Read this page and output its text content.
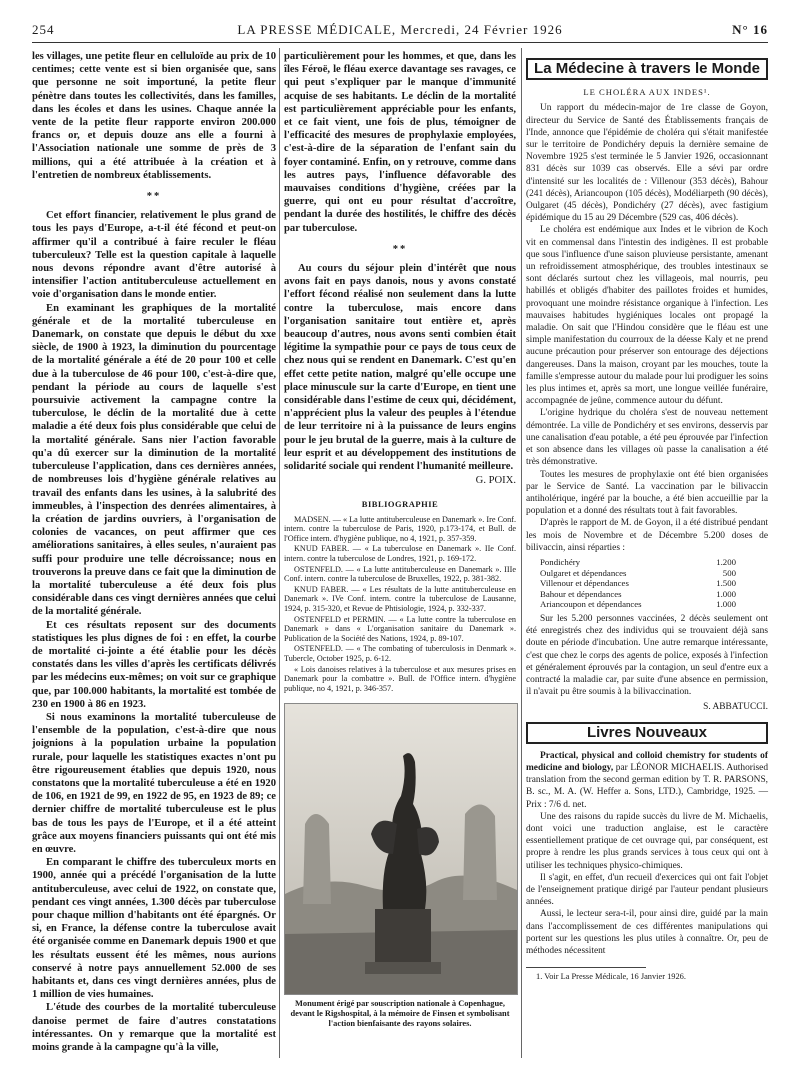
254	LA PRESSE MÉDICALE, Mercredi, 24 Février 1926	N° 16

les villages, une petite fleur en celluloïde au prix de 10 centimes; cette vente est si bien organisée que, sans que personne ne soit importuné, la petite fleur pénètre dans toutes les collectivités, dans les familles, dans les écoles et dans les usines. Chaque année la vente de la petite fleur rapporte environ 200.000 francs or, et depuis douze ans elle a fourni à l'Association nationale une somme de près de 3 millions, qui a été attribuée à la création et à l'entretien de nombreux établissements.

**

Cet effort financier, relativement le plus grand de tous les pays d'Europe, a-t-il été fécond et peut-on affirmer qu'il a contribué à faire reculer le fléau tuberculeux? Telle est la question capitale à laquelle nous devons répondre avant d'être autorisé à intensifier l'action antituberculeuse actuellement en voie d'organisation dans le monde entier.

En examinant les graphiques de la mortalité générale et de la mortalité tuberculeuse en Danemark, on constate que depuis le début du xxe siècle, de 1900 à 1923, la diminution du pourcentage de la mortalité générale a été de 20 pour 100 et celle due à la tuberculose de 46 pour 100, c'est-à-dire que, pendant la période au cours de laquelle s'est poursuivie activement la campagne contre la tuberculose, le déclin de la mortalité due à cette maladie a été deux fois plus considérable que celui de la mortalité générale. Sans nier l'action favorable qu'a dû exercer sur la diminution de la mortalité tuberculeuse l'application, dans ces dernières années, de nombreuses lois d'hygiène générale relatives au travail des enfants dans les usines, à la salubrité des immeubles, à l'inspection des denrées alimentaires, à la création de jardins ouvriers, à l'organisation de colonies de vacances, on peut affirmer que ces améliorations sanitaires, à elles seules, n'auraient pas suffi pour produire une telle décroissance; nous en trouverons la preuve dans ce fait que la diminution de la mortalité tuberculeuse a été deux fois plus considérable dans ces vingt dernières années que celui de la mortalité générale.

Et ces résultats reposent sur des documents statistiques les plus dignes de foi : en effet, la courbe de mortalité ci-jointe a été établie pour les décès constatés dans les villes d'après les certificats délivrés par les médecins eux-mêmes; on voit sur ce graphique que, par 100.000 habitants, la mortalité est tombée de 230 en 1900 à 86 en 1923.

Si nous examinons la mortalité tuberculeuse de l'ensemble de la population, c'est-à-dire que nous joignions à la population urbaine la population rurale, pour laquelle les statistiques exactes n'ont pu être rigoureusement établies que depuis 1920, nous constatons que la mortalité tuberculeuse a été en 1920 de 106, en 1921 de 99, en 1922 de 95, en 1923 de 89; ce dernier chiffre de mortalité tuberculeuse est le plus bas de tous les pays de l'Europe, et il a été atteint grâce aux moyens financiers puissants qui ont été mis en œuvre.

En comparant le chiffre des tuberculeux morts en 1900, année qui a précédé l'organisation de la lutte antituberculeuse, avec celui de 1922, on constate que, pendant ces vingt années, 1.300 décès par tuberculose pour chaque million d'habitants ont été épargnés. Or si, en France, la défense contre la tuberculose avait été organisée comme en Danemark depuis 1900 et que les résultats eussent été les mêmes, nous aurions conservé à notre pays annuellement 52.000 de ses habitants et, dans ces vingt dernières années, plus de 1 million de vies humaines.

L'étude des courbes de la mortalité tuberculeuse danoise permet de faire d'autres constatations intéressantes. On y remarque que la mortalité est moins grande à la campagne qu'à la ville,

particulièrement pour les hommes, et que, dans les îles Féroë, le fléau exerce davantage ses ravages, ce qui peut s'expliquer par le manque d'immunité acquise de ses habitants. Le déclin de la mortalité est particulièrement appréciable pour les enfants, et ce fait vient, une fois de plus, témoigner de l'efficacité des mesures de prophylaxie employées, c'est-à-dire de la séparation de l'enfant sain du foyer contaminé. Enfin, on y retrouve, comme dans les autres pays, l'influence défavorable des mauvaises conditions d'hygiène, créées par la guerre, qui ont eu pour résultat d'accroître, pendant la durée des hostilités, le chiffre des décès par tuberculose.

**

Au cours du séjour plein d'intérêt que nous avons fait en pays danois, nous y avons constaté l'effort fécond réalisé non seulement dans la lutte contre la tuberculose, mais encore dans l'organisation sanitaire tout entière et, après beaucoup d'autres, nous avons senti combien était légitime la sympathie pour ce pays de tous ceux de chez nous qui se rendent en Danemark. C'est qu'en effet cette petite nation, malgré qu'elle occupe une place minuscule sur la carte d'Europe, en tient une considérable dans l'estime de ceux qui, décidément, n'apprécient plus la valeur des peuples à l'étendue de leur territoire ni à la puissance de leurs engins pour le jeu brutal de la guerre, mais à la culture de leur esprit et au développement des institutions de solidarité sociale qui rendent l'humanité meilleure.

G. POIX.
BIBLIOGRAPHIE

MADSEN. — « La lutte antituberculeuse en Danemark ». Ire Conf. intern. contre la tuberculose de Paris, 1920, p.173-174, et Bull. de l'Office intern. d'hygiène publique, no 4, 1921, p. 357-359.

KNUD FABER. — « La tuberculose en Danemark ». IIe Conf. intern. contre la tuberculose de Londres, 1921, p. 169-172.

OSTENFELD. — « La lutte antituberculeuse en Danemark ». IIIe Conf. intern. contre la tuberculose de Bruxelles, 1922, p. 381-382.

KNUD FABER. — « Les résultats de la lutte antituberculeuse en Danemark ». IVe Conf. intern. contre la tuberculose de Lausanne, 1924, p. 315-320, et Revue de Phtisiologie, 1924, p. 332-337.

OSTENFELD et PERMIN. — « La lutte contre la tuberculose en Danemark » dans « L'organisation sanitaire du Danemark ». Publication de la Société des Nations, 1924, p. 89-107.

OSTENFELD. — « The combating of tuberculosis in Denmark ». Tubercle, October 1925, p. 6-12.

« Lois danoises relatives à la tuberculose et aux mesures prises en Danemark pour la combattre ». Bull. de l'Office intern. d'hygiène publique, no 4, 1921, p. 346-357.

Monument érigé par souscription nationale à Copenhague, devant le Rigshospital, à la mémoire de Finsen et symbolisant l'action bienfaisante des rayons solaires.
La Médecine à travers le Monde
LE CHOLÉRA AUX INDES¹.

Un rapport du médecin-major de 1re classe de Goyon, directeur du Service de Santé des Établissements français de l'Inde, annonce que l'épidémie de choléra qui s'était manifestée sur le territoire de Pondichéry depuis la dernière semaine de Novembre 1925 s'est terminée le 5 Janvier 1926, occasionnant 831 décès sur 1039 cas observés. Elle a sévi par ordre d'intensité sur les localités de : Villenour (353 décès), Bahour (241 décès), Ariancoupon (105 décès), Modéliarpeth (90 décès), Oulgaret (45 décès), Pondichéry (27 décès), avec fastigium épidémique du 15 au 29 Décembre (529 cas, 406 décès).

Le choléra est endémique aux Indes et le vibrion de Koch vit en commensal dans l'intestin des indigènes. Il est probable que sous l'influence d'une saison pluvieuse persistante, amenant un refroidissement atmosphérique, des troubles intestinaux se sont déclarés surtout chez les villageois, mal nourris, peu habillés et obligés d'habiter des paillotes froides et humides, provoquant une moindre résistance organique à l'infection. Les mauvaises habitudes hygiéniques locales ont propagé la maladie. On sait que l'Hindou considère que le fléau est une simple manifestation du courroux de la déesse Kaly et ne prend aucune précaution pour préserver son entourage des déjections dangereuses. Dans la maison, croyant par les mouches, toute la famille s'empresse autour du malade pour lui prodiguer les soins les plus intimes et, après sa mort, une longue veillée funéraire, accompagnée de jeûne, commence autour du défunt.

L'origine hydrique du choléra s'est de nouveau nettement démontrée. La ville de Pondichéry et ses environs, desservis par une canalisation d'eau potable, a été peu éprouvée par l'infection et son absence dans les villages où passe la canalisation a été très démonstrative.

Toutes les mesures de prophylaxie ont été bien organisées par le Service de Santé. La vaccination par le bilivaccin antiholérique, ingéré par la bouche, a été bien accueillie par la population et a donné des résultats tout à fait favorables.

D'après le rapport de M. de Goyon, il a été distribué pendant les mois de Novembre et de Décembre 5.200 doses de bilivaccin, ainsi réparties :

Pondichéry	1.200
Oulgaret et dépendances	500
Villenour et dépendances	1.500
Bahour et dépendances	1.000
Ariancoupon et dépendances	1.000

Sur les 5.200 personnes vaccinées, 2 décès seulement ont été enregistrés chez des individus qui se trouvaient déjà sans doute en période d'incubation. Une autre remarque intéressante, c'est que chez le corps des agents de police, exposés à l'infection et généralement éprouvés par la contagion, un seul d'entre eux a contracté la maladie car, par suite d'une absence en permission, il n'avait pu être soumis à la bilivaccination.

S. ABBATUCCI.
Livres Nouveaux

Practical, physical and colloid chemistry for students of medicine and biology, par LÉONOR MICHAELIS. Authorised translation from the second german edition by T. R. PARSONS, B. sc., M. A. (W. Heffer a. Sons, LTD.), Cambridge, 1925. — Prix : 7/6 d. net.

Une des raisons du rapide succès du livre de M. Michaelis, dont voici une traduction anglaise, est le caractère essentiellement pratique de cet ouvrage qui, par conséquent, est propre à rendre les plus grands services à tous ceux qui ont à utiliser les techniques physico-chimiques.

Il s'agit, en effet, d'un recueil d'exercices qui ont fait l'objet de l'enseignement pratique dirigé par l'auteur pendant plusieurs années.

Aussi, le lecteur sera-t-il, pour ainsi dire, guidé par la main dans l'accomplissement de ces différentes manipulations qui portent sur les questions les plus utiles à connaître. Or, peu de méthodes nécessitent

1. Voir La Presse Médicale, 16 Janvier 1926.
